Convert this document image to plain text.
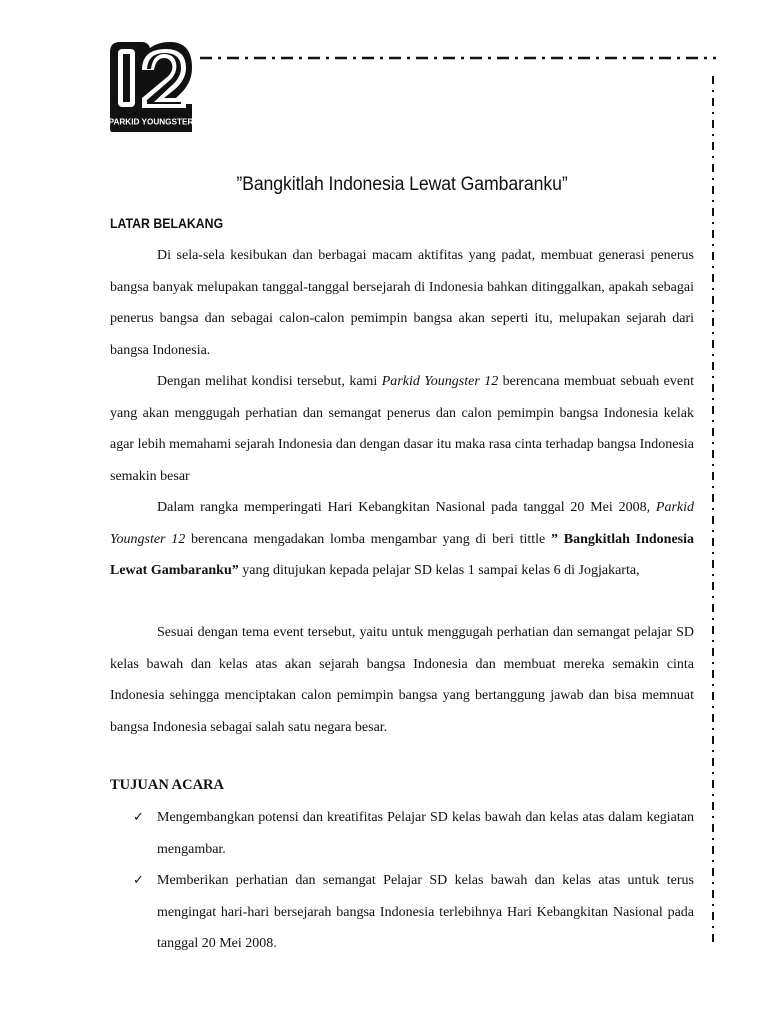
PARKID YOUNGSTER
”Bangkitlah Indonesia Lewat Gambaranku”
LATAR BELAKANG

Di sela-sela kesibukan dan berbagai macam aktifitas yang padat, membuat generasi penerus bangsa banyak melupakan tanggal-tanggal bersejarah di Indonesia bahkan ditinggalkan, apakah sebagai penerus bangsa dan sebagai calon-calon pemimpin bangsa akan seperti itu, melupakan sejarah dari bangsa Indonesia.

Dengan melihat kondisi tersebut, kami Parkid Youngster 12 berencana membuat sebuah event yang akan menggugah perhatian dan semangat penerus dan calon pemimpin bangsa Indonesia kelak agar lebih memahami sejarah Indonesia dan dengan dasar itu maka rasa cinta terhadap bangsa Indonesia semakin besar

Dalam rangka memperingati Hari Kebangkitan Nasional pada tanggal 20 Mei 2008, Parkid Youngster 12 berencana mengadakan lomba mengambar yang di beri tittle ” Bangkitlah Indonesia Lewat Gambaranku” yang ditujukan kepada pelajar SD kelas 1 sampai kelas 6 di Jogjakarta,

Sesuai dengan tema event tersebut, yaitu untuk menggugah perhatian dan semangat pelajar SD kelas bawah dan kelas atas akan sejarah bangsa Indonesia dan membuat mereka semakin cinta Indonesia sehingga menciptakan calon pemimpin bangsa yang bertanggung jawab dan bisa memnuat bangsa Indonesia sebagai salah satu negara besar.

TUJUAN ACARA
✓ Mengembangkan potensi dan kreatifitas Pelajar SD kelas bawah dan kelas atas dalam kegiatan mengambar.
✓ Memberikan perhatian dan semangat Pelajar SD kelas bawah dan kelas atas untuk terus mengingat hari-hari bersejarah bangsa Indonesia terlebihnya Hari Kebangkitan Nasional pada tanggal 20 Mei 2008.
